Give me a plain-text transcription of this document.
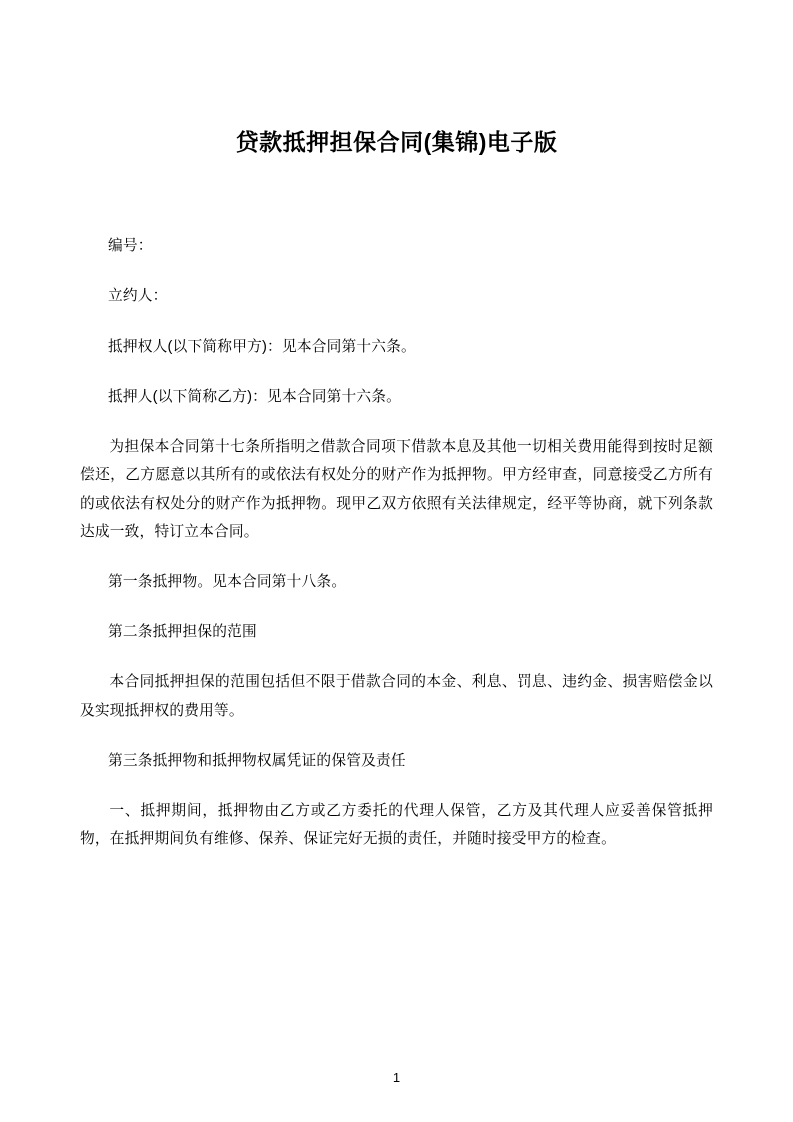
贷款抵押担保合同(集锦)电子版

编号：

立约人：

抵押权人(以下简称甲方)：见本合同第十六条。

抵押人(以下简称乙方)：见本合同第十六条。

为担保本合同第十七条所指明之借款合同项下借款本息及其他一切相关费用能得到按时足额偿还，乙方愿意以其所有的或依法有权处分的财产作为抵押物。甲方经审查，同意接受乙方所有的或依法有权处分的财产作为抵押物。现甲乙双方依照有关法律规定，经平等协商，就下列条款达成一致，特订立本合同。

第一条抵押物。见本合同第十八条。

第二条抵押担保的范围

本合同抵押担保的范围包括但不限于借款合同的本金、利息、罚息、违约金、损害赔偿金以及实现抵押权的费用等。

第三条抵押物和抵押物权属凭证的保管及责任

一、抵押期间，抵押物由乙方或乙方委托的代理人保管，乙方及其代理人应妥善保管抵押物，在抵押期间负有维修、保养、保证完好无损的责任，并随时接受甲方的检查。

1
